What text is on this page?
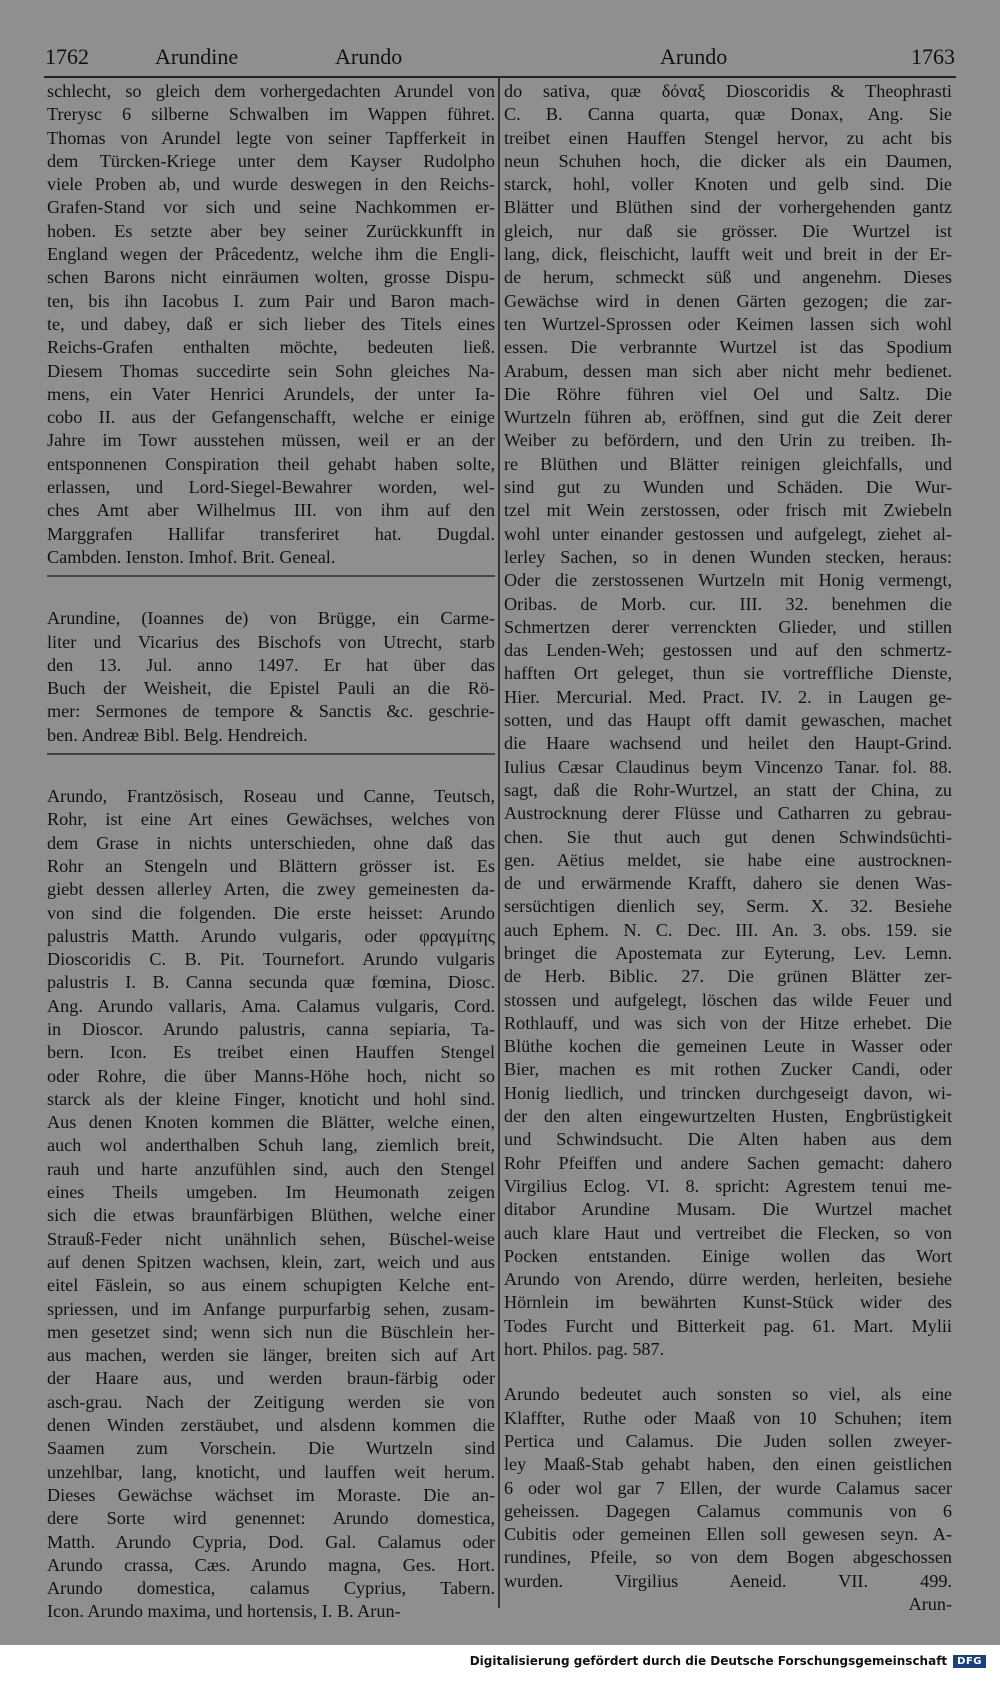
1762	Arundine	Arundo	Arundo	1763
schlecht, so gleich dem vorhergedachten Arundel von
Trerysc 6 silberne Schwalben im Wappen führet.
Thomas von Arundel legte von seiner Tapfferkeit in
dem Türcken-Kriege unter dem Kayser Rudolpho
viele Proben ab, und wurde deswegen in den Reichs-
Grafen-Stand vor sich und seine Nachkommen er-
hoben. Es setzte aber bey seiner Zurückkunfft in
England wegen der Prâcedentz, welche ihm die Engli-
schen Barons nicht einräumen wolten, grosse Dispu-
ten, bis ihn Iacobus I. zum Pair und Baron mach-
te, und dabey, daß er sich lieber des Titels eines
Reichs-Grafen enthalten möchte, bedeuten ließ.
Diesem Thomas succedirte sein Sohn gleiches Na-
mens, ein Vater Henrici Arundels, der unter Ia-
cobo II. aus der Gefangenschafft, welche er einige
Jahre im Towr ausstehen müssen, weil er an der
entsponnenen Conspiration theil gehabt haben solte,
erlassen, und Lord-Siegel-Bewahrer worden, wel-
ches Amt aber Wilhelmus III. von ihm auf den
Marggrafen Hallifar transferiret hat. Dugdal.
Cambden. Ienston. Imhof. Brit. Geneal.
Arundine, (Ioannes de) von Brügge, ein Carme-
liter und Vicarius des Bischofs von Utrecht, starb
den 13. Jul. anno 1497. Er hat über das
Buch der Weisheit, die Epistel Pauli an die Rö-
mer: Sermones de tempore & Sanctis &c. geschrie-
ben. Andreæ Bibl. Belg. Hendreich.
Arundo, Frantzösisch, Roseau und Canne, Teutsch,
Rohr, ist eine Art eines Gewächses, welches von
dem Grase in nichts unterschieden, ohne daß das
Rohr an Stengeln und Blättern grösser ist. Es
giebt dessen allerley Arten, die zwey gemeinesten da-
von sind die folgenden. Die erste heisset: Arundo
palustris Matth. Arundo vulgaris, oder φραγμίτης
Dioscoridis C. B. Pit. Tournefort. Arundo vulgaris
palustris I. B. Canna secunda quæ fœmina, Diosc.
Ang. Arundo vallaris, Ama. Calamus vulgaris, Cord.
in Dioscor. Arundo palustris, canna sepiaria, Ta-
bern. Icon. Es treibet einen Hauffen Stengel
oder Rohre, die über Manns-Höhe hoch, nicht so
starck als der kleine Finger, knoticht und hohl sind.
Aus denen Knoten kommen die Blätter, welche einen,
auch wol anderthalben Schuh lang, ziemlich breit,
rauh und harte anzufühlen sind, auch den Stengel
eines Theils umgeben. Im Heumonath zeigen
sich die etwas braunfärbigen Blüthen, welche einer
Strauß-Feder nicht unähnlich sehen, Büschel-weise
auf denen Spitzen wachsen, klein, zart, weich und aus
eitel Fäslein, so aus einem schupigten Kelche ent-
spriessen, und im Anfange purpurfarbig sehen, zusam-
men gesetzet sind; wenn sich nun die Büschlein her-
aus machen, werden sie länger, breiten sich auf Art
der Haare aus, und werden braun-färbig oder
asch-grau. Nach der Zeitigung werden sie von
denen Winden zerstäubet, und alsdenn kommen die
Saamen zum Vorschein. Die Wurtzeln sind
unzehlbar, lang, knoticht, und lauffen weit herum.
Dieses Gewächse wächset im Moraste. Die an-
dere Sorte wird genennet: Arundo domestica,
Matth. Arundo Cypria, Dod. Gal. Calamus oder
Arundo crassa, Cæs. Arundo magna, Ges. Hort.
Arundo domestica, calamus Cyprius, Tabern.
Icon. Arundo maxima, und hortensis, I. B. Arun-
do sativa, quæ δόναξ Dioscoridis & Theophrasti
C. B. Canna quarta, quæ Donax, Ang. Sie
treibet einen Hauffen Stengel hervor, zu acht bis
neun Schuhen hoch, die dicker als ein Daumen,
starck, hohl, voller Knoten und gelb sind. Die
Blätter und Blüthen sind der vorhergehenden gantz
gleich, nur daß sie grösser. Die Wurtzel ist
lang, dick, fleischicht, laufft weit und breit in der Er-
de herum, schmeckt süß und angenehm. Dieses
Gewächse wird in denen Gärten gezogen; die zar-
ten Wurtzel-Sprossen oder Keimen lassen sich wohl
essen. Die verbrannte Wurtzel ist das Spodium
Arabum, dessen man sich aber nicht mehr bedienet.
Die Röhre führen viel Oel und Saltz. Die
Wurtzeln führen ab, eröffnen, sind gut die Zeit derer
Weiber zu befördern, und den Urin zu treiben. Ih-
re Blüthen und Blätter reinigen gleichfalls, und
sind gut zu Wunden und Schäden. Die Wur-
tzel mit Wein zerstossen, oder frisch mit Zwiebeln
wohl unter einander gestossen und aufgelegt, ziehet al-
lerley Sachen, so in denen Wunden stecken, heraus:
Oder die zerstossenen Wurtzeln mit Honig vermengt,
Oribas. de Morb. cur. III. 32. benehmen die
Schmertzen derer verrenckten Glieder, und stillen
das Lenden-Weh; gestossen und auf den schmertz-
hafften Ort geleget, thun sie vortreffliche Dienste,
Hier. Mercurial. Med. Pract. IV. 2. in Laugen ge-
sotten, und das Haupt offt damit gewaschen, machet
die Haare wachsend und heilet den Haupt-Grind.
Iulius Cæsar Claudinus beym Vincenzo Tanar. fol. 88.
sagt, daß die Rohr-Wurtzel, an statt der China, zu
Austrocknung derer Flüsse und Catharren zu gebrau-
chen. Sie thut auch gut denen Schwindsüchti-
gen. Aëtius meldet, sie habe eine austrocknen-
de und erwärmende Krafft, dahero sie denen Was-
sersüchtigen dienlich sey, Serm. X. 32. Besiehe
auch Ephem. N. C. Dec. III. An. 3. obs. 159. sie
bringet die Apostemata zur Eyterung, Lev. Lemn.
de Herb. Biblic. 27. Die grünen Blätter zer-
stossen und aufgelegt, löschen das wilde Feuer und
Rothlauff, und was sich von der Hitze erhebet. Die
Blüthe kochen die gemeinen Leute in Wasser oder
Bier, machen es mit rothen Zucker Candi, oder
Honig liedlich, und trincken durchgeseigt davon, wi-
der den alten eingewurtzelten Husten, Engbrüstigkeit
und Schwindsucht. Die Alten haben aus dem
Rohr Pfeiffen und andere Sachen gemacht: dahero
Virgilius Eclog. VI. 8. spricht: Agrestem tenui me-
ditabor Arundine Musam. Die Wurtzel machet
auch klare Haut und vertreibet die Flecken, so von
Pocken entstanden. Einige wollen das Wort
Arundo von Arendo, dürre werden, herleiten, besiehe
Hörnlein im bewährten Kunst-Stück wider des
Todes Furcht und Bitterkeit pag. 61. Mart. Mylii
hort. Philos. pag. 587.
Arundo bedeutet auch sonsten so viel, als eine
Klaffter, Ruthe oder Maaß von 10 Schuhen; item
Pertica und Calamus. Die Juden sollen zweyer-
ley Maaß-Stab gehabt haben, den einen geistlichen
6 oder wol gar 7 Ellen, der wurde Calamus sacer
geheissen. Dagegen Calamus communis von 6
Cubitis oder gemeinen Ellen soll gewesen seyn. A-
rundines, Pfeile, so von dem Bogen abgeschossen
wurden. Virgilius Aeneid. VII. 499.
Arun-
Digitalisierung gefördert durch die Deutsche Forschungsgemeinschaft	DFG
